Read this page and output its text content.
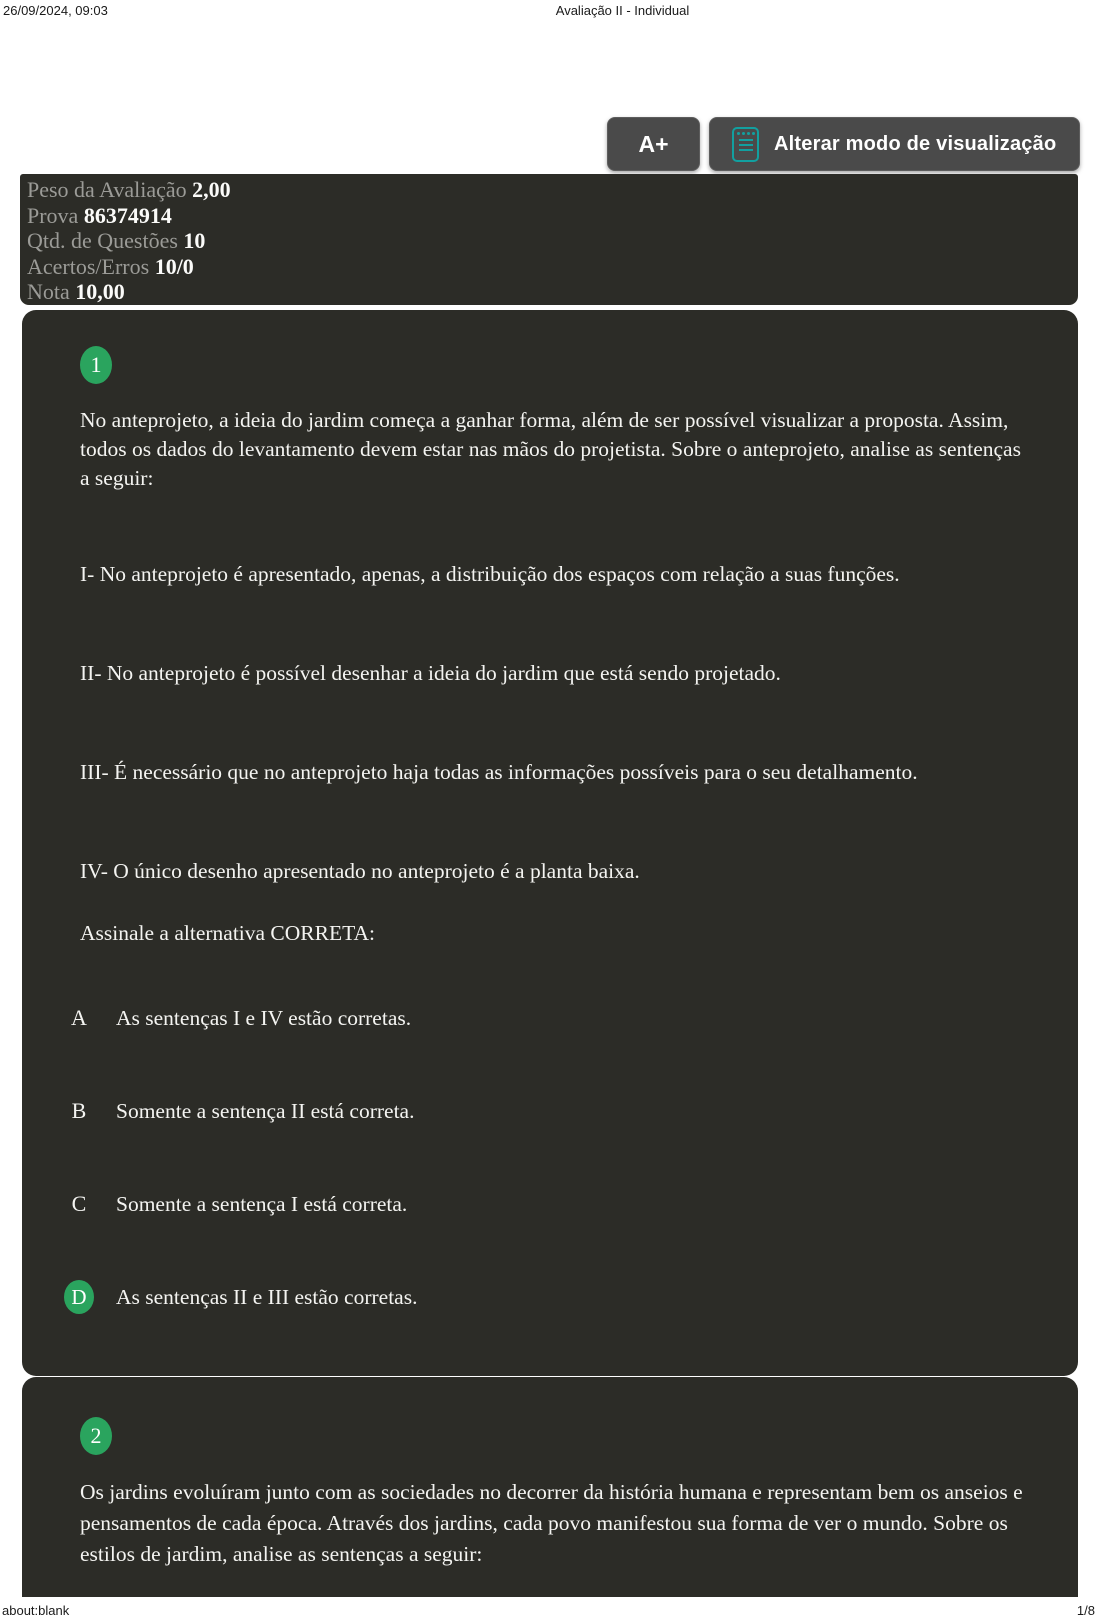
26/09/2024, 09:03	Avaliação II - Individual
A+	Alterar modo de visualização
Peso da Avaliação 2,00
Prova 86374914
Qtd. de Questões 10
Acertos/Erros 10/0
Nota 10,00
1
No anteprojeto, a ideia do jardim começa a ganhar forma, além de ser possível visualizar a proposta. Assim, todos os dados do levantamento devem estar nas mãos do projetista. Sobre o anteprojeto, analise as sentenças a seguir:
I- No anteprojeto é apresentado, apenas, a distribuição dos espaços com relação a suas funções.
II- No anteprojeto é possível desenhar a ideia do jardim que está sendo projetado.
III- É necessário que no anteprojeto haja todas as informações possíveis para o seu detalhamento.
IV- O único desenho apresentado no anteprojeto é a planta baixa.
Assinale a alternativa CORRETA:
A	As sentenças I e IV estão corretas.
B	Somente a sentença II está correta.
C	Somente a sentença I está correta.
D	As sentenças II e III estão corretas.
2
Os jardins evoluíram junto com as sociedades no decorrer da história humana e representam bem os anseios e pensamentos de cada época. Através dos jardins, cada povo manifestou sua forma de ver o mundo. Sobre os estilos de jardim, analise as sentenças a seguir:
about:blank	1/8
